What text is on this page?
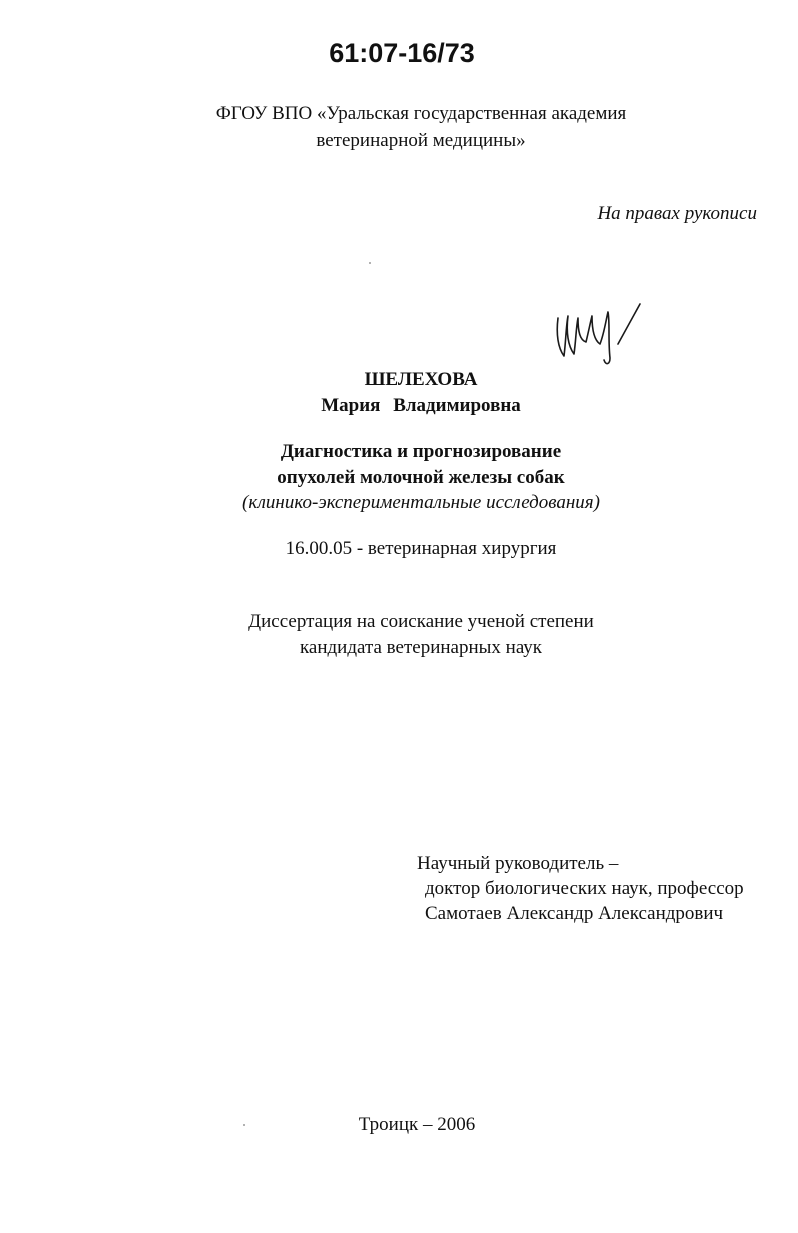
61:07-16/73
ФГОУ ВПО «Уральская государственная академия
ветеринарной медицины»
На правах рукописи
ШЕЛЕХОВА
Мария Владимировна
Диагностика и прогнозирование
опухолей молочной железы собак
(клинико-экспериментальные исследования)
16.00.05 - ветеринарная хирургия
Диссертация на соискание ученой степени
кандидата ветеринарных наук
Научный руководитель –
доктор биологических наук, профессор
Самотаев Александр Александрович
Троицк – 2006
